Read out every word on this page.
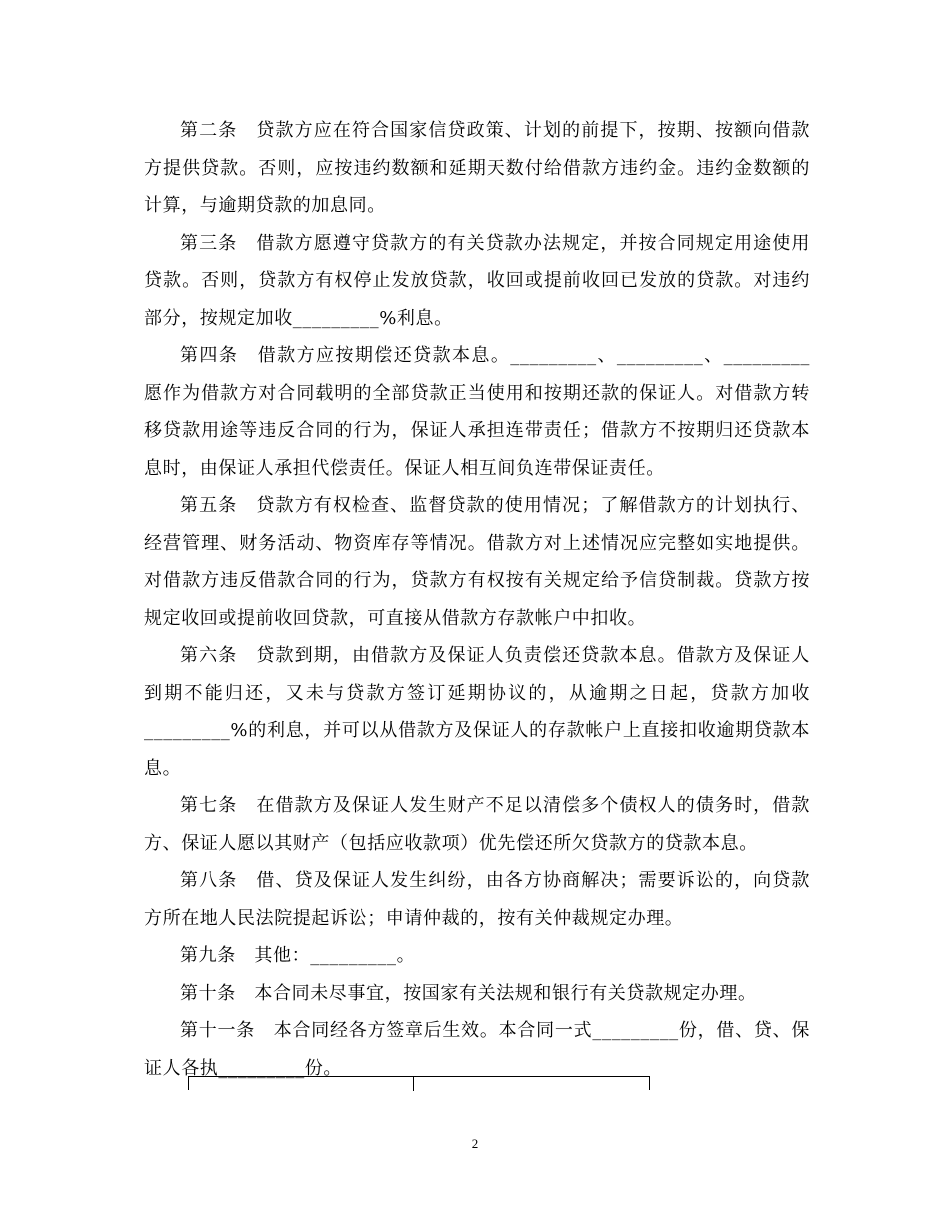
第二条　贷款方应在符合国家信贷政策、计划的前提下，按期、按额向借款方提供贷款。否则，应按违约数额和延期天数付给借款方违约金。违约金数额的计算，与逾期贷款的加息同。

第三条　借款方愿遵守贷款方的有关贷款办法规定，并按合同规定用途使用贷款。否则，贷款方有权停止发放贷款，收回或提前收回已发放的贷款。对违约部分，按规定加收_________%利息。

第四条　借款方应按期偿还贷款本息。_________、_________、_________愿作为借款方对合同载明的全部贷款正当使用和按期还款的保证人。对借款方转移贷款用途等违反合同的行为，保证人承担连带责任；借款方不按期归还贷款本息时，由保证人承担代偿责任。保证人相互间负连带保证责任。

第五条　贷款方有权检查、监督贷款的使用情况；了解借款方的计划执行、经营管理、财务活动、物资库存等情况。借款方对上述情况应完整如实地提供。对借款方违反借款合同的行为，贷款方有权按有关规定给予信贷制裁。贷款方按规定收回或提前收回贷款，可直接从借款方存款帐户中扣收。

第六条　贷款到期，由借款方及保证人负责偿还贷款本息。借款方及保证人到期不能归还，又未与贷款方签订延期协议的，从逾期之日起，贷款方加收_________%的利息，并可以从借款方及保证人的存款帐户上直接扣收逾期贷款本息。

第七条　在借款方及保证人发生财产不足以清偿多个债权人的债务时，借款方、保证人愿以其财产（包括应收款项）优先偿还所欠贷款方的贷款本息。

第八条　借、贷及保证人发生纠纷，由各方协商解决；需要诉讼的，向贷款方所在地人民法院提起诉讼；申请仲裁的，按有关仲裁规定办理。

第九条　其他：_________。

第十条　本合同未尽事宜，按国家有关法规和银行有关贷款规定办理。

第十一条　本合同经各方签章后生效。本合同一式_________份，借、贷、保证人各执_________份。

2
